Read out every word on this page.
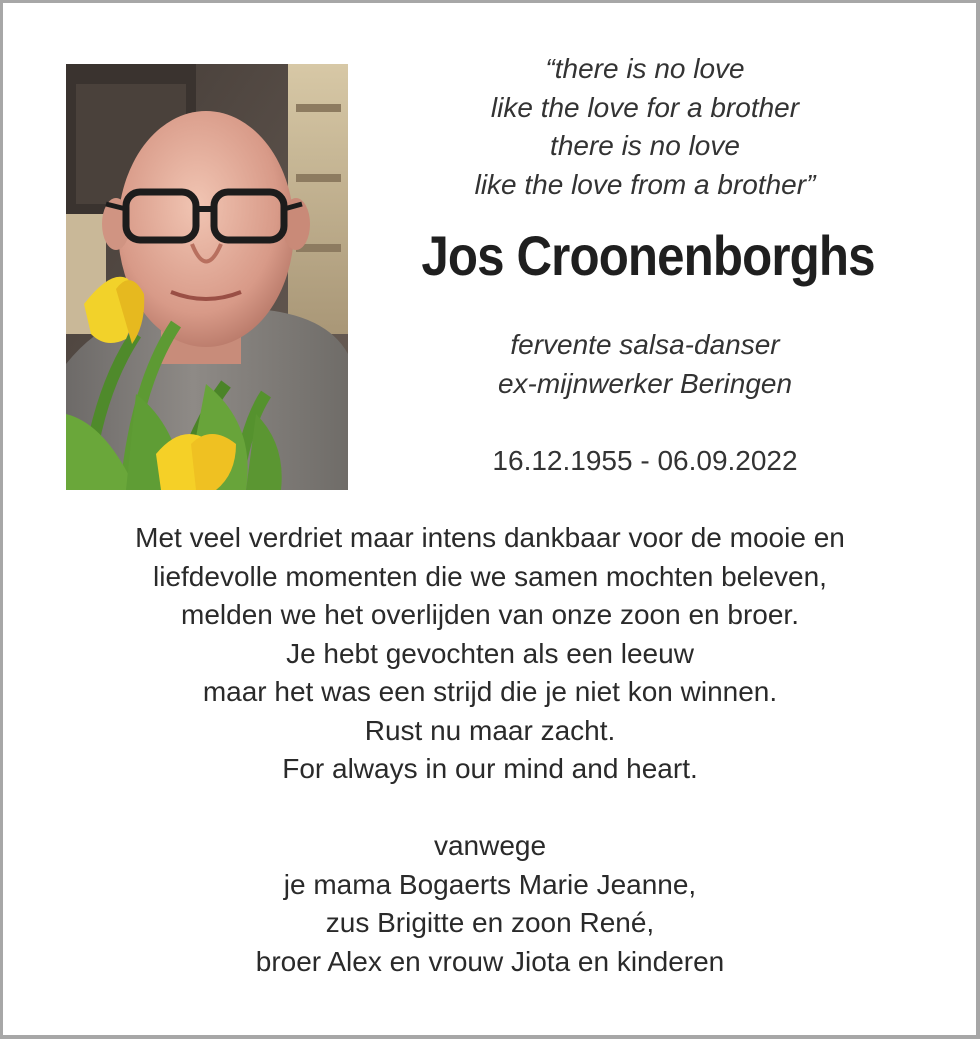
“there is no love
like the love for a brother
there is no love
like the love from a brother”
Jos Croonenborghs
fervente salsa-danser
ex-mijnwerker Beringen
16.12.1955 - 06.09.2022
Met veel verdriet maar intens dankbaar voor de mooie en
liefdevolle momenten die we samen mochten beleven,
melden we het overlijden van onze zoon en broer.
Je hebt gevochten als een leeuw
maar het was een strijd die je niet kon winnen.
Rust nu maar zacht.
For always in our mind and heart.
vanwege
je mama Bogaerts Marie Jeanne,
zus Brigitte en zoon René,
broer Alex en vrouw Jiota en kinderen
